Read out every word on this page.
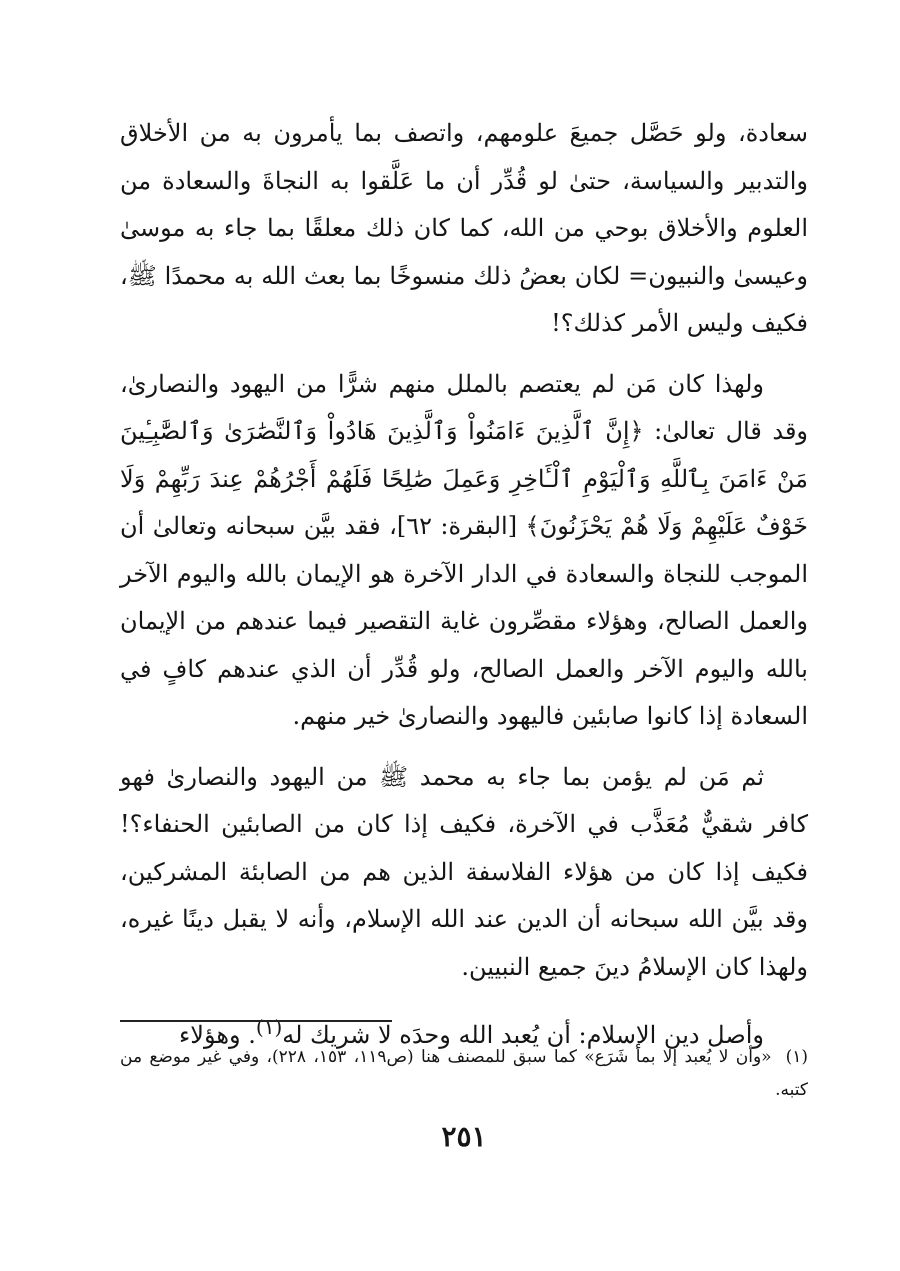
سعادة، ولو حَصَّل جميعَ علومهم، واتصف بما يأمرون به من الأخلاق والتدبير والسياسة، حتىٰ لو قُدِّر أن ما عَلَّقوا به النجاةَ والسعادة من العلوم والأخلاق بوحي من الله، كما كان ذلك معلقًا بما جاء به موسىٰ وعيسىٰ والنبيون= لكان بعضُ ذلك منسوخًا بما بعث الله به محمدًا ﷺ، فكيف وليس الأمر كذلك؟!

ولهذا كان مَن لم يعتصم بالملل منهم شرًّا من اليهود والنصارىٰ، وقد قال تعالىٰ: ﴿إِنَّ ٱلَّذِينَ ءَامَنُواْ وَٱلَّذِينَ هَادُواْ وَٱلنَّصَٰرَىٰ وَٱلصَّٰبِـِٔينَ مَنْ ءَامَنَ بِٱللَّهِ وَٱلْيَوْمِ ٱلْـَٔاخِرِ وَعَمِلَ صَٰلِحًا فَلَهُمْ أَجْرُهُمْ عِندَ رَبِّهِمْ وَلَا خَوْفٌ عَلَيْهِمْ وَلَا هُمْ يَحْزَنُونَ﴾ [البقرة: ٦٢]، فقد بيَّن سبحانه وتعالىٰ أن الموجب للنجاة والسعادة في الدار الآخرة هو الإيمان بالله واليوم الآخر والعمل الصالح، وهؤلاء مقصِّرون غاية التقصير فيما عندهم من الإيمان بالله واليوم الآخر والعمل الصالح، ولو قُدِّر أن الذي عندهم كافٍ في السعادة إذا كانوا صابئين فاليهود والنصارىٰ خير منهم.

ثم مَن لم يؤمن بما جاء به محمد ﷺ من اليهود والنصارىٰ فهو كافر شقيٌّ مُعَذَّب في الآخرة، فكيف إذا كان من الصابئين الحنفاء؟! فكيف إذا كان من هؤلاء الفلاسفة الذين هم من الصابئة المشركين، وقد بيَّن الله سبحانه أن الدين عند الله الإسلام، وأنه لا يقبل دينًا غيره، ولهذا كان الإسلامُ دينَ جميع النبيين.

وأصل دين الإسلام: أن يُعبد الله وحدَه لا شريك له$^{(١)}$. وهؤلاء

(١)«وأن لا يُعبد إلا بما شَرَع» كما سبق للمصنف هنا (ص١١٩، ١٥٣، ٢٢٨)، وفي غير موضع من كتبه.
٢٥١
